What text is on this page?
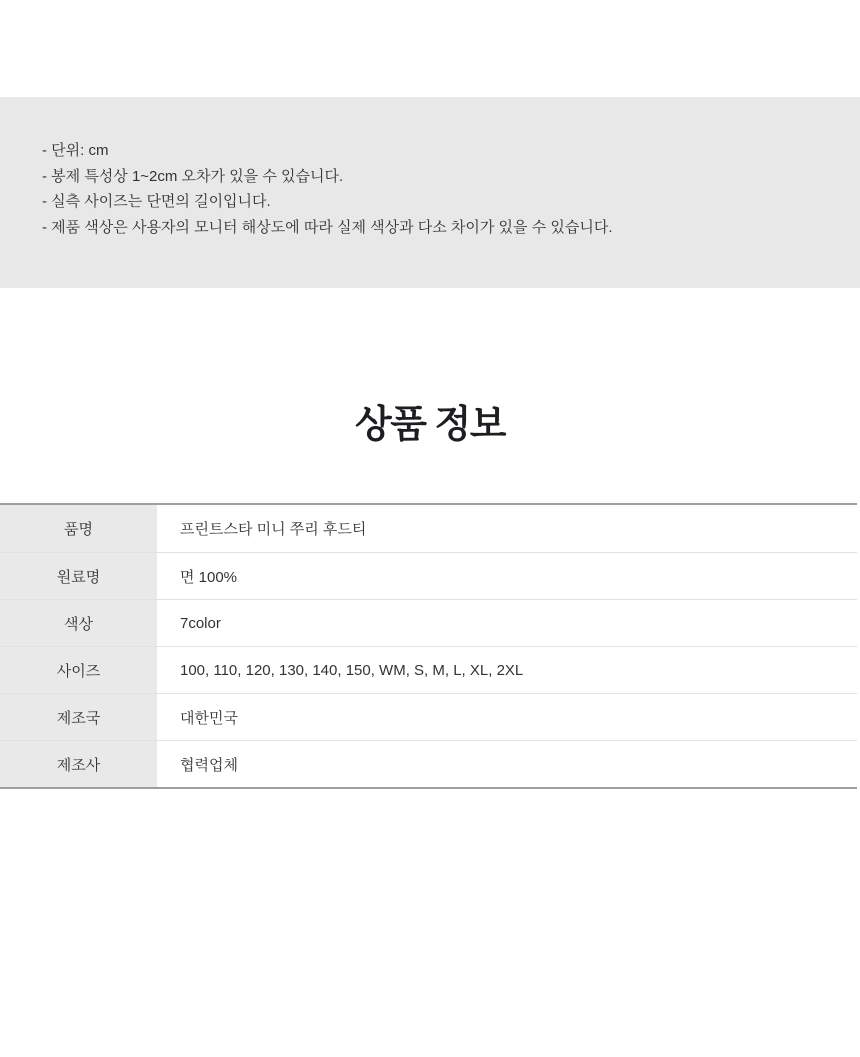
- 단위: cm
- 봉제 특성상 1~2cm 오차가 있을 수 있습니다.
- 실측 사이즈는 단면의 길이입니다.
- 제품 색상은 사용자의 모니터 해상도에 따라 실제 색상과 다소 차이가 있을 수 있습니다.
상품 정보
품명	프린트스타 미니 쭈리 후드티
원료명	면 100%
색상	7color
사이즈	100, 110, 120, 130, 140, 150, WM, S, M, L, XL, 2XL
제조국	대한민국
제조사	협력업체
